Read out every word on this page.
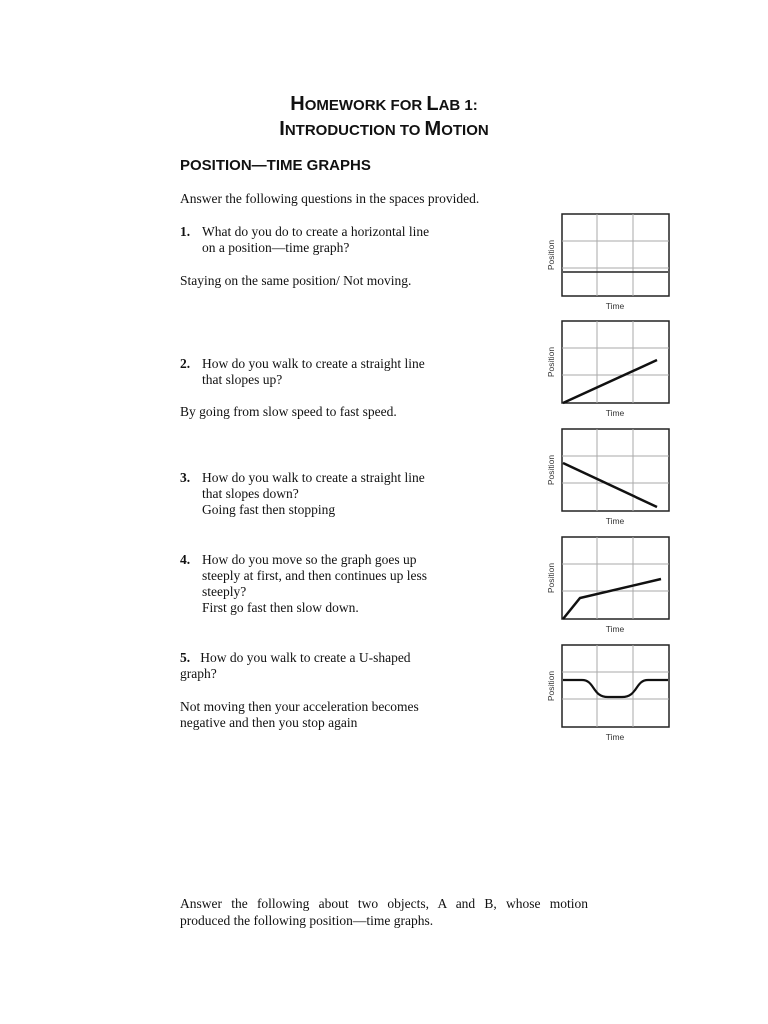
HOMEWORK FOR LAB 1:
INTRODUCTION TO MOTION
POSITION—TIME GRAPHS
Answer the following questions in the spaces provided.
1. What do you do to create a horizontal line
on a position—time graph?
Staying on the same position/ Not moving.
2. How do you walk to create a straight line
that slopes up?
By going from slow speed to fast speed.
3. How do you walk to create a straight line
that slopes down?
Going fast then stopping
4. How do you move so the graph goes up
steeply at first, and then continues up less
steeply?
First go fast then slow down.
5. How do you walk to create a U-shaped
graph?
Not moving then your acceleration becomes
negative and then you stop again
Position
Time
Position
Time
Position
Time
Position
Time
Position
Time
Answer the following about two objects, A and B, whose motion
produced the following position—time graphs.
